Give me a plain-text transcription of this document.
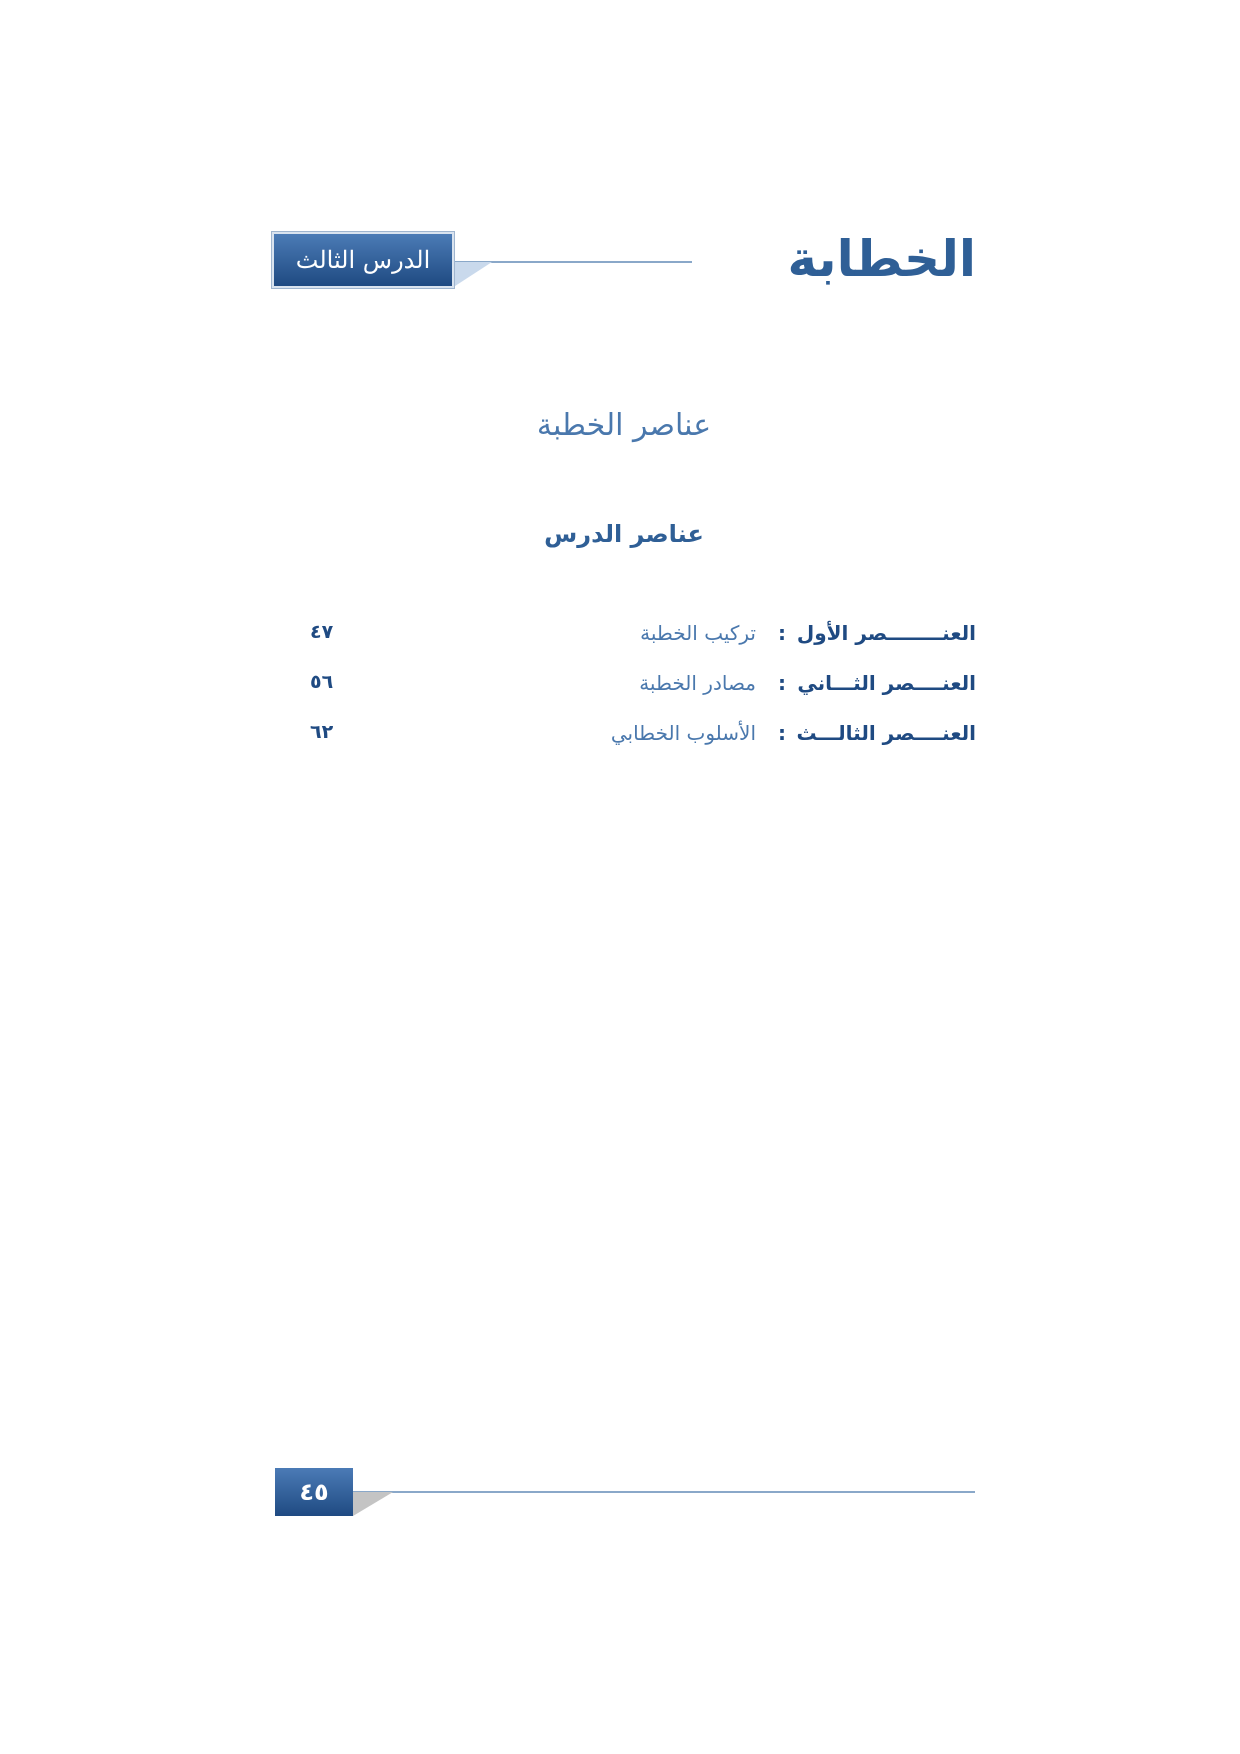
الخطابة
الدرس الثالث
عناصر الخطبة
عناصر الدرس
العنــــــــصر الأول
:
تركيب الخطبة
٤٧
العنــــصر الثـــاني
:
مصادر الخطبة
٥٦
العنــــصر الثالـــث
:
الأسلوب الخطابي
٦٢
٤٥
